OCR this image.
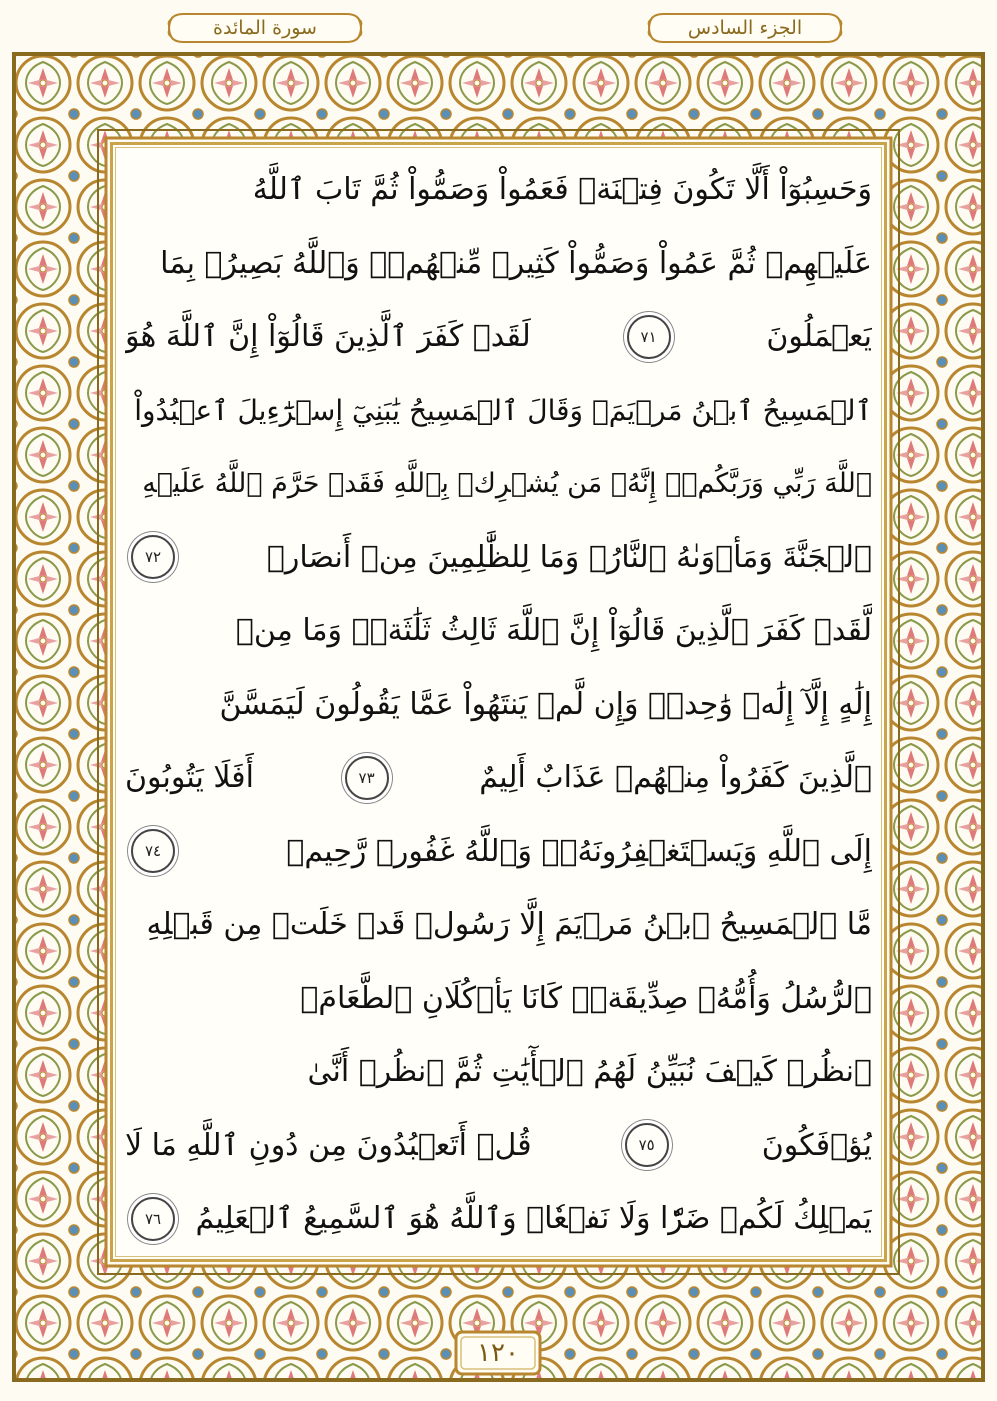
سورة المائدة	الجزء السادس
وَحَسِبُوٓاْ أَلَّا تَكُونَ فِتۡنَةٞ فَعَمُواْ وَصَمُّواْ ثُمَّ تَابَ ٱللَّهُ
عَلَيۡهِمۡ ثُمَّ عَمُواْ وَصَمُّواْ كَثِيرٞ مِّنۡهُمۡۚ وَٱللَّهُ بَصِيرُۢ بِمَا
يَعۡمَلُونَ
٧١
لَقَدۡ كَفَرَ ٱلَّذِينَ قَالُوٓاْ إِنَّ ٱللَّهَ هُوَ
ٱلۡمَسِيحُ ٱبۡنُ مَرۡيَمَۖ وَقَالَ ٱلۡمَسِيحُ يَٰبَنِيٓ إِسۡرَٰٓءِيلَ ٱعۡبُدُواْ
ٱللَّهَ رَبِّي وَرَبَّكُمۡۖ إِنَّهُۥ مَن يُشۡرِكۡ بِٱللَّهِ فَقَدۡ حَرَّمَ ٱللَّهُ عَلَيۡهِ
ٱلۡجَنَّةَ وَمَأۡوَىٰهُ ٱلنَّارُۖ وَمَا لِلظَّٰلِمِينَ مِنۡ أَنصَارٖ
٧٢
لَّقَدۡ كَفَرَ ٱلَّذِينَ قَالُوٓاْ إِنَّ ٱللَّهَ ثَالِثُ ثَلَٰثَةٖۘ وَمَا مِنۡ
إِلَٰهٍ إِلَّآ إِلَٰهٞ وَٰحِدٞۚ وَإِن لَّمۡ يَنتَهُواْ عَمَّا يَقُولُونَ لَيَمَسَّنَّ
ٱلَّذِينَ كَفَرُواْ مِنۡهُمۡ عَذَابٌ أَلِيمٌ
٧٣
أَفَلَا يَتُوبُونَ
إِلَى ٱللَّهِ وَيَسۡتَغۡفِرُونَهُۥۚ وَٱللَّهُ غَفُورٞ رَّحِيمٞ
٧٤
مَّا ٱلۡمَسِيحُ ٱبۡنُ مَرۡيَمَ إِلَّا رَسُولٞ قَدۡ خَلَتۡ مِن قَبۡلِهِ
ٱلرُّسُلُ وَأُمُّهُۥ صِدِّيقَةٞۖ كَانَا يَأۡكُلَانِ ٱلطَّعَامَۗ
ٱنظُرۡ كَيۡفَ نُبَيِّنُ لَهُمُ ٱلۡأٓيَٰتِ ثُمَّ ٱنظُرۡ أَنَّىٰ
يُؤۡفَكُونَ
٧٥
قُلۡ أَتَعۡبُدُونَ مِن دُونِ ٱللَّهِ مَا لَا
يَمۡلِكُ لَكُمۡ ضَرّٗا وَلَا نَفۡعٗاۚ وَٱللَّهُ هُوَ ٱلسَّمِيعُ ٱلۡعَلِيمُ
٧٦
١٢٠
